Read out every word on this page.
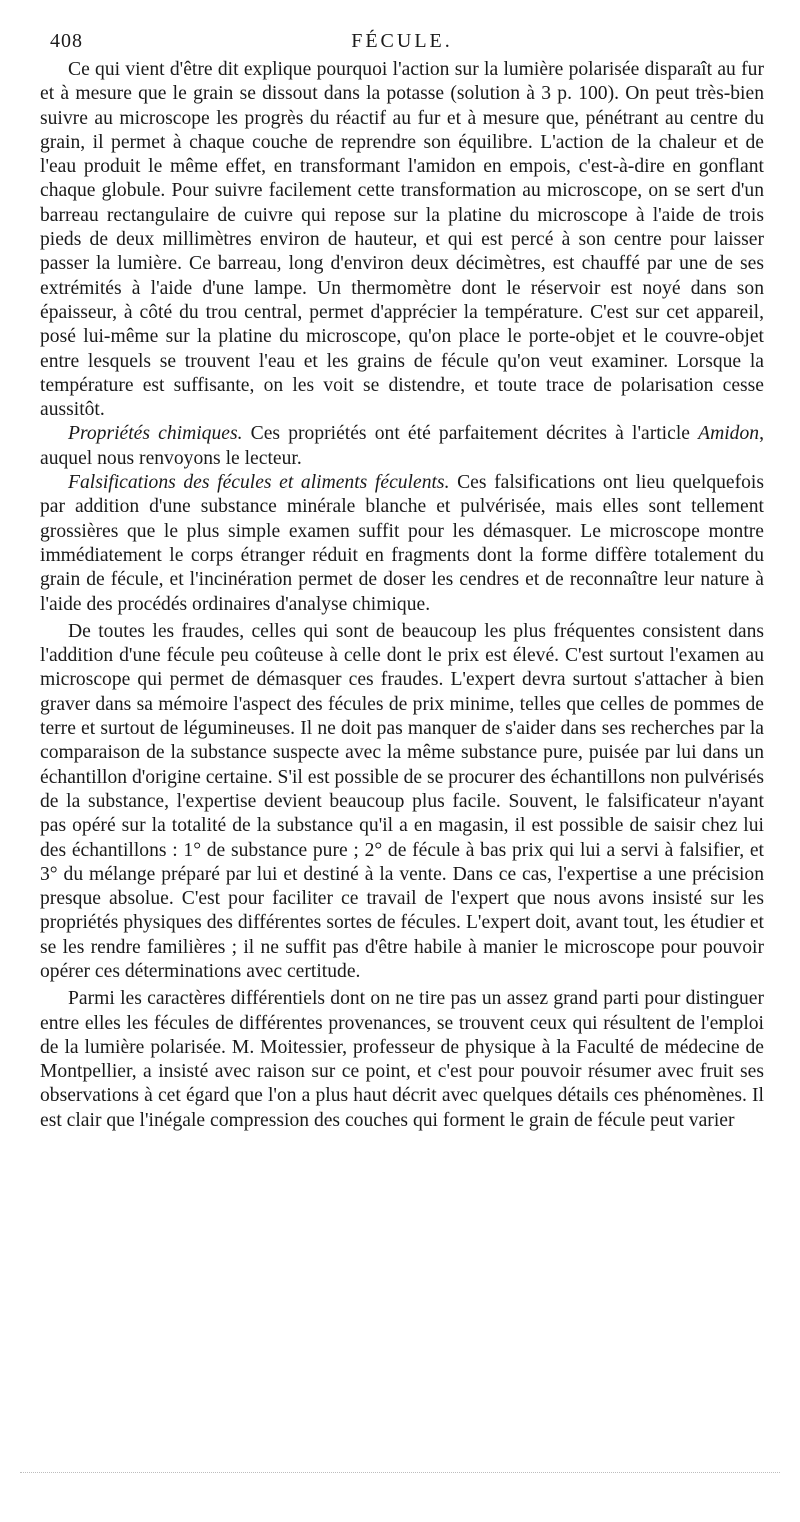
408	FÉCULE.

Ce qui vient d'être dit explique pourquoi l'action sur la lumière polarisée disparaît au fur et à mesure que le grain se dissout dans la potasse (solution à 3 p. 100). On peut très-bien suivre au microscope les progrès du réactif au fur et à mesure que, pénétrant au centre du grain, il permet à chaque couche de reprendre son équilibre. L'action de la chaleur et de l'eau produit le même effet, en transformant l'amidon en empois, c'est-à-dire en gonflant chaque globule. Pour suivre facilement cette transformation au microscope, on se sert d'un barreau rectangulaire de cuivre qui repose sur la platine du microscope à l'aide de trois pieds de deux millimètres environ de hauteur, et qui est percé à son centre pour laisser passer la lumière. Ce barreau, long d'environ deux décimètres, est chauffé par une de ses extrémités à l'aide d'une lampe. Un thermomètre dont le réservoir est noyé dans son épaisseur, à côté du trou central, permet d'apprécier la température. C'est sur cet appareil, posé lui-même sur la platine du microscope, qu'on place le porte-objet et le couvre-objet entre lesquels se trouvent l'eau et les grains de fécule qu'on veut examiner. Lorsque la température est suffisante, on les voit se distendre, et toute trace de polarisation cesse aussitôt.

Propriétés chimiques. Ces propriétés ont été parfaitement décrites à l'article Amidon, auquel nous renvoyons le lecteur.

Falsifications des fécules et aliments féculents. Ces falsifications ont lieu quelquefois par addition d'une substance minérale blanche et pulvérisée, mais elles sont tellement grossières que le plus simple examen suffit pour les démasquer. Le microscope montre immédiatement le corps étranger réduit en fragments dont la forme diffère totalement du grain de fécule, et l'incinération permet de doser les cendres et de reconnaître leur nature à l'aide des procédés ordinaires d'analyse chimique.

De toutes les fraudes, celles qui sont de beaucoup les plus fréquentes consistent dans l'addition d'une fécule peu coûteuse à celle dont le prix est élevé. C'est surtout l'examen au microscope qui permet de démasquer ces fraudes. L'expert devra surtout s'attacher à bien graver dans sa mémoire l'aspect des fécules de prix minime, telles que celles de pommes de terre et surtout de légumineuses. Il ne doit pas manquer de s'aider dans ses recherches par la comparaison de la substance suspecte avec la même substance pure, puisée par lui dans un échantillon d'origine certaine. S'il est possible de se procurer des échantillons non pulvérisés de la substance, l'expertise devient beaucoup plus facile. Souvent, le falsificateur n'ayant pas opéré sur la totalité de la substance qu'il a en magasin, il est possible de saisir chez lui des échantillons : 1° de substance pure ; 2° de fécule à bas prix qui lui a servi à falsifier, et 3° du mélange préparé par lui et destiné à la vente. Dans ce cas, l'expertise a une précision presque absolue. C'est pour faciliter ce travail de l'expert que nous avons insisté sur les propriétés physiques des différentes sortes de fécules. L'expert doit, avant tout, les étudier et se les rendre familières ; il ne suffit pas d'être habile à manier le microscope pour pouvoir opérer ces déterminations avec certitude.

Parmi les caractères différentiels dont on ne tire pas un assez grand parti pour distinguer entre elles les fécules de différentes provenances, se trouvent ceux qui résultent de l'emploi de la lumière polarisée. M. Moitessier, professeur de physique à la Faculté de médecine de Montpellier, a insisté avec raison sur ce point, et c'est pour pouvoir résumer avec fruit ses observations à cet égard que l'on a plus haut décrit avec quelques détails ces phénomènes. Il est clair que l'inégale compression des couches qui forment le grain de fécule peut varier
